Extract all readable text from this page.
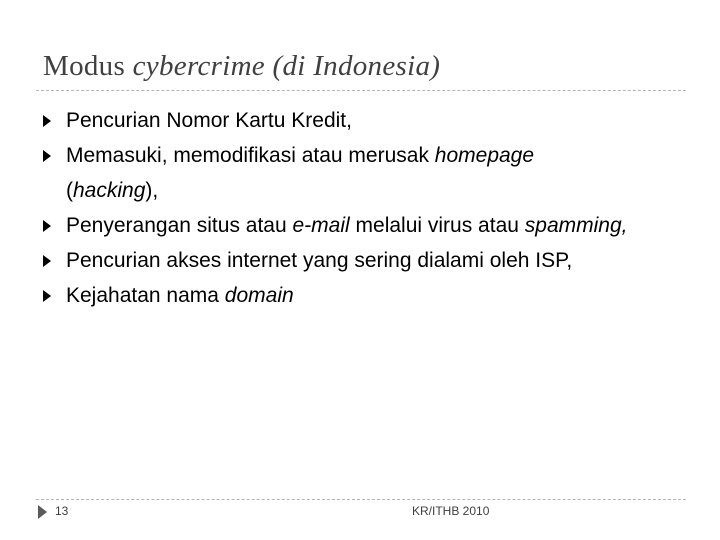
Modus cybercrime (di Indonesia)
Pencurian Nomor Kartu Kredit,
Memasuki, memodifikasi atau merusak homepage
(hacking),
Penyerangan situs atau e-mail melalui virus atau spamming,
Pencurian akses internet yang sering dialami oleh ISP,
Kejahatan nama domain
13	KR/ITHB 2010
